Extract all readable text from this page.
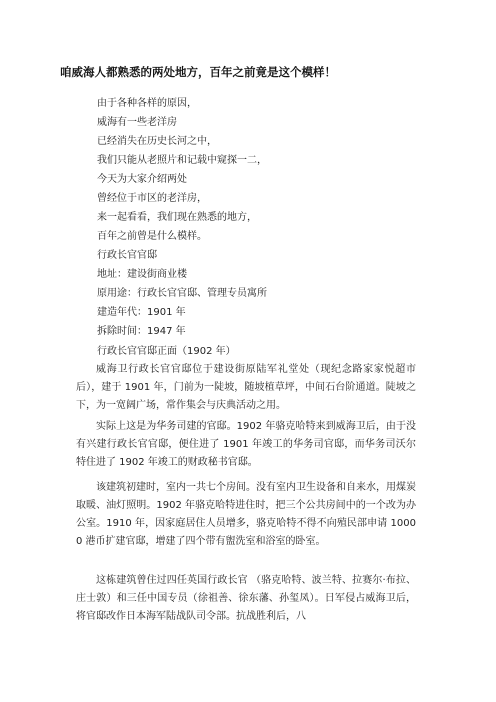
咱威海人都熟悉的两处地方，百年之前竟是这个模样！
由于各种各样的原因，
威海有一些老洋房
已经消失在历史长河之中，
我们只能从老照片和记载中窥探一二，
今天为大家介绍两处
曾经位于市区的老洋房，
来一起看看，我们现在熟悉的地方，
百年之前曾是什么模样。
行政长官官邸
地址：建设街商业楼
原用途：行政长官官邸、管理专员寓所
建造年代：1901 年
拆除时间：1947 年
行政长官官邸正面（1902 年）
威海卫行政长官官邸位于建设街原陆军礼堂处（现纪念路家家悦超市后），建于 1901 年，门前为一陡坡，随坡植草坪，中间石台阶通道。陡坡之下，为一宽阔广场，常作集会与庆典活动之用。
实际上这是为华务司建的官邸。1902 年骆克哈特来到威海卫后，由于没有兴建行政长官官邸，便住进了 1901 年竣工的华务司官邸，而华务司沃尔特住进了 1902 年竣工的财政秘书官邸。
该建筑初建时，室内一共七个房间。没有室内卫生设备和自来水，用煤炭取暖、油灯照明。1902 年骆克哈特进住时，把三个公共房间中的一个改为办公室。1910 年，因家庭居住人员增多，骆克哈特不得不向殖民部申请 10000 港币扩建官邸，增建了四个带有盥洗室和浴室的卧室。
这栋建筑曾住过四任英国行政长官 （骆克哈特、波兰特、拉赛尔·布拉、庄士敦）和三任中国专员（徐祖善、徐东藩、孙玺凤）。日军侵占威海卫后，将官邸改作日本海军陆战队司令部。抗战胜利后，八
